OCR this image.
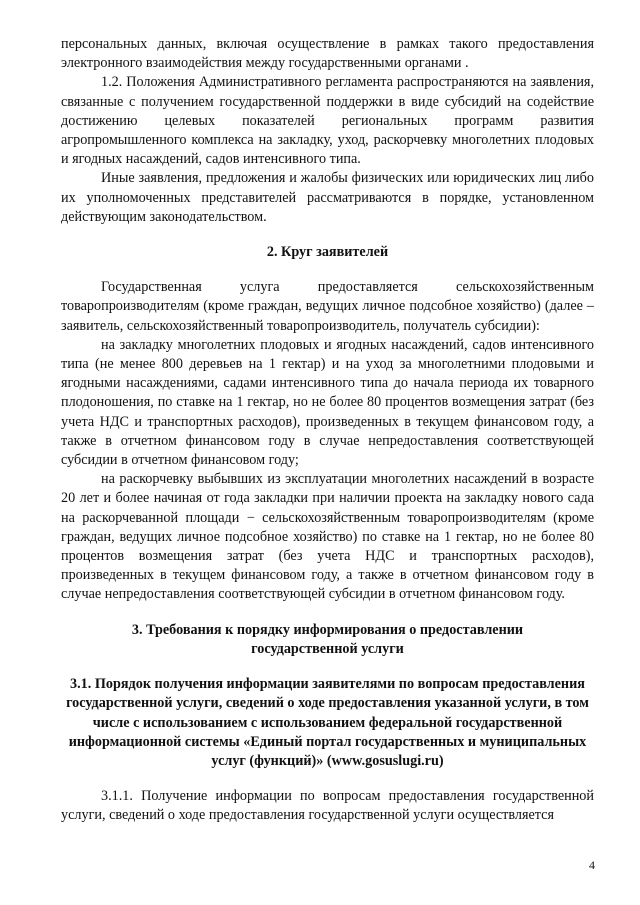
персональных данных, включая осуществление в рамках такого предоставления электронного взаимодействия между государственными органами .

1.2. Положения Административного регламента распространяются на заявления, связанные с получением государственной поддержки в виде субсидий на содействие достижению целевых показателей региональных программ развития агропромышленного комплекса на закладку, уход, раскорчевку многолетних плодовых и ягодных насаждений, садов интенсивного типа.

Иные заявления, предложения и жалобы физических или юридических лиц либо их уполномоченных представителей рассматриваются в порядке, установленном действующим законодательством.

2. Круг заявителей

Государственная услуга предоставляется сельскохозяйственным товаропроизводителям (кроме граждан, ведущих личное подсобное хозяйство) (далее – заявитель, сельскохозяйственный товаропроизводитель, получатель субсидии):

на закладку многолетних плодовых и ягодных насаждений, садов интенсивного типа (не менее 800 деревьев на 1 гектар) и на уход за многолетними плодовыми и ягодными насаждениями, садами интенсивного типа до начала периода их товарного плодоношения, по ставке на 1 гектар, но не более 80 процентов возмещения затрат (без учета НДС и транспортных расходов), произведенных в текущем финансовом году, а также в отчетном финансовом году в случае непредоставления соответствующей субсидии в отчетном финансовом году;

на раскорчевку выбывших из эксплуатации многолетних насаждений в возрасте 20 лет и более начиная от года закладки при наличии проекта на закладку нового сада на раскорчеванной площади − сельскохозяйственным товаропроизводителям (кроме граждан, ведущих личное подсобное хозяйство) по ставке на 1 гектар, но не более 80 процентов возмещения затрат (без учета НДС и транспортных расходов), произведенных в текущем финансовом году, а также в отчетном финансовом году в случае непредоставления соответствующей субсидии в отчетном финансовом году.

3. Требования к порядку информирования о предоставлении

государственной услуги

3.1. Порядок получения информации заявителями по вопросам предоставления государственной услуги, сведений о ходе предоставления указанной услуги, в том числе с использованием с использованием федеральной государственной информационной системы «Единый портал государственных и муниципальных услуг (функций)» (www.gosuslugi.ru)

3.1.1. Получение информации по вопросам предоставления государственной услуги, сведений о ходе предоставления государственной услуги осуществляется

4
